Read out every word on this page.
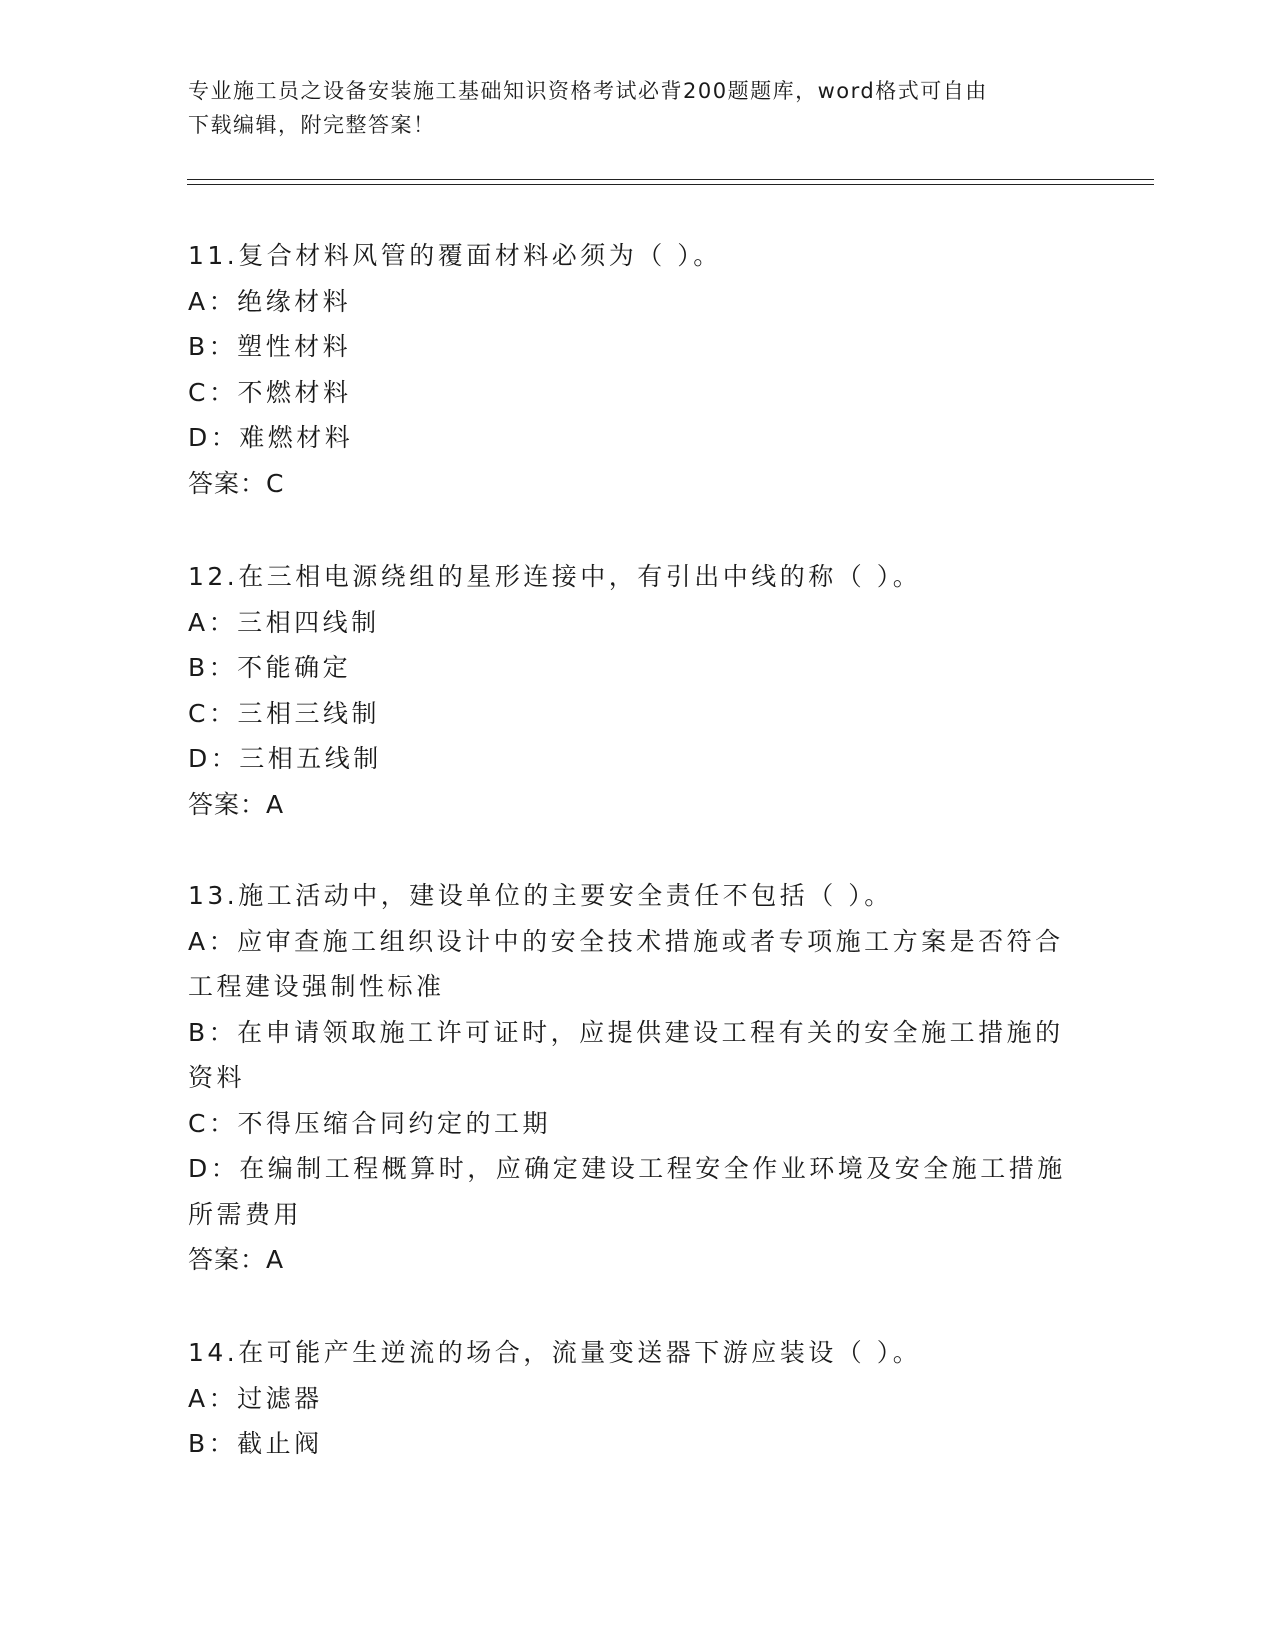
专业施工员之设备安装施工基础知识资格考试必背200题题库，word格式可自由
下载编辑，附完整答案！
11.复合材料风管的覆面材料必须为（ ）。
A：绝缘材料
B：塑性材料
C：不燃材料
D：难燃材料
答案：C
12.在三相电源绕组的星形连接中，有引出中线的称（ ）。
A：三相四线制
B：不能确定
C：三相三线制
D：三相五线制
答案：A
13.施工活动中，建设单位的主要安全责任不包括（ ）。
A：应审查施工组织设计中的安全技术措施或者专项施工方案是否符合
工程建设强制性标准
B：在申请领取施工许可证时，应提供建设工程有关的安全施工措施的
资料
C：不得压缩合同约定的工期
D：在编制工程概算时，应确定建设工程安全作业环境及安全施工措施
所需费用
答案：A
14.在可能产生逆流的场合，流量变送器下游应装设（ ）。
A：过滤器
B：截止阀
